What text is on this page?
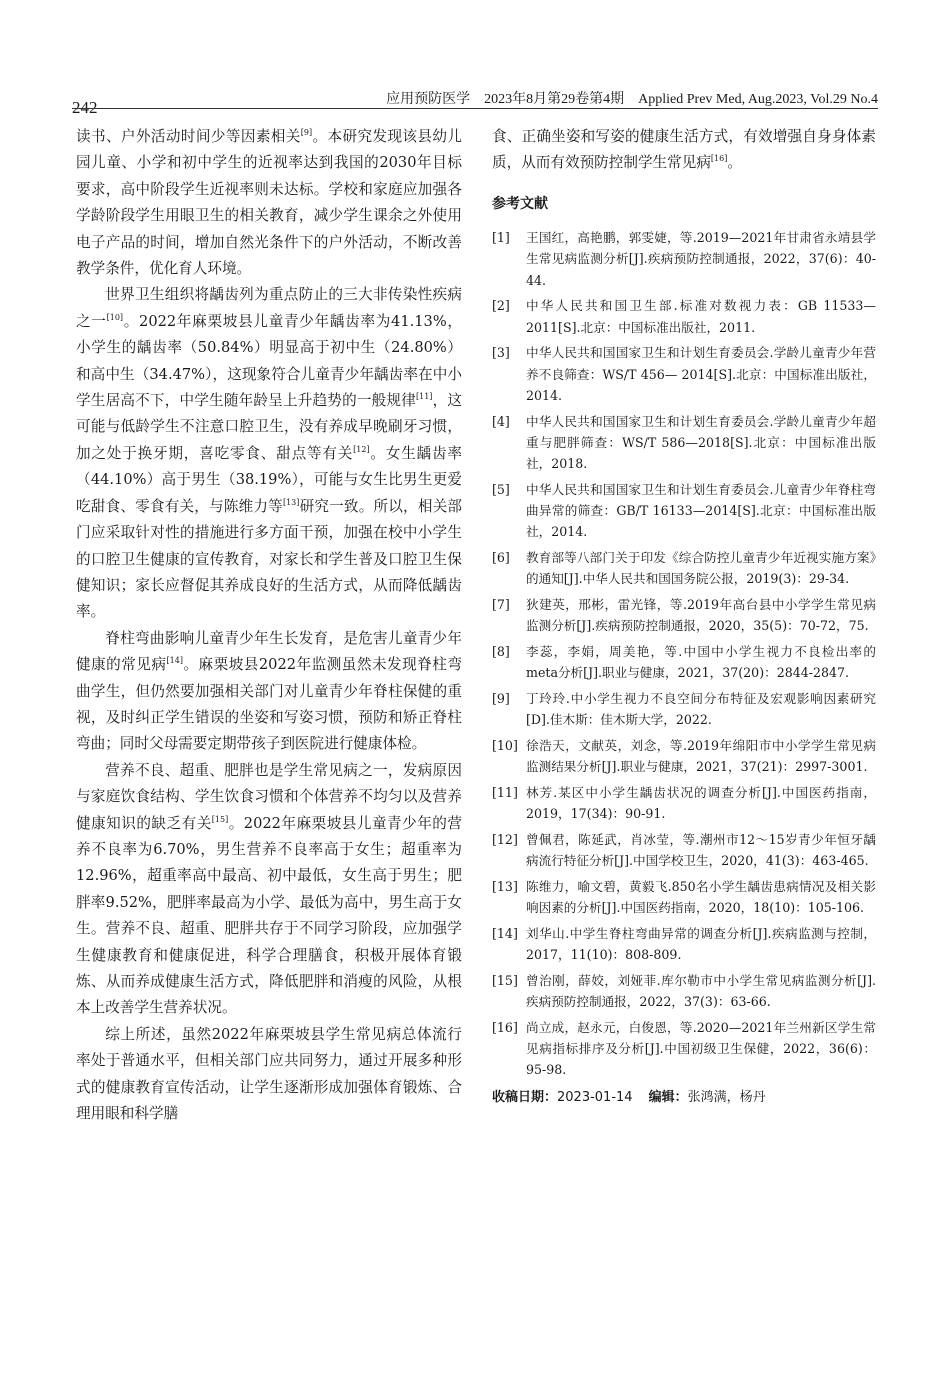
242	应用预防医学　2023年8月第29卷第4期　Applied Prev Med, Aug.2023, Vol.29 No.4

读书、户外活动时间少等因素相关[9]。本研究发现该县幼儿园儿童、小学和初中学生的近视率达到我国的2030年目标要求，高中阶段学生近视率则未达标。学校和家庭应加强各学龄阶段学生用眼卫生的相关教育，减少学生课余之外使用电子产品的时间，增加自然光条件下的户外活动，不断改善教学条件，优化育人环境。

世界卫生组织将龋齿列为重点防止的三大非传染性疾病之一[10]。2022年麻栗坡县儿童青少年龋齿率为41.13%，小学生的龋齿率（50.84%）明显高于初中生（24.80%）和高中生（34.47%），这现象符合儿童青少年龋齿率在中小学生居高不下，中学生随年龄呈上升趋势的一般规律[11]，这可能与低龄学生不注意口腔卫生，没有养成早晚刷牙习惯，加之处于换牙期，喜吃零食、甜点等有关[12]。女生龋齿率（44.10%）高于男生（38.19%），可能与女生比男生更爱吃甜食、零食有关，与陈维力等[13]研究一致。所以，相关部门应采取针对性的措施进行多方面干预，加强在校中小学生的口腔卫生健康的宣传教育，对家长和学生普及口腔卫生保健知识；家长应督促其养成良好的生活方式，从而降低龋齿率。

脊柱弯曲影响儿童青少年生长发育，是危害儿童青少年健康的常见病[14]。麻栗坡县2022年监测虽然未发现脊柱弯曲学生，但仍然要加强相关部门对儿童青少年脊柱保健的重视，及时纠正学生错误的坐姿和写姿习惯，预防和矫正脊柱弯曲；同时父母需要定期带孩子到医院进行健康体检。

营养不良、超重、肥胖也是学生常见病之一，发病原因与家庭饮食结构、学生饮食习惯和个体营养不均匀以及营养健康知识的缺乏有关[15]。2022年麻栗坡县儿童青少年的营养不良率为6.70%，男生营养不良率高于女生；超重率为12.96%，超重率高中最高、初中最低，女生高于男生；肥胖率9.52%，肥胖率最高为小学、最低为高中，男生高于女生。营养不良、超重、肥胖共存于不同学习阶段，应加强学生健康教育和健康促进，科学合理膳食，积极开展体育锻炼、从而养成健康生活方式，降低肥胖和消瘦的风险，从根本上改善学生营养状况。

综上所述，虽然2022年麻栗坡县学生常见病总体流行率处于普通水平，但相关部门应共同努力，通过开展多种形式的健康教育宣传活动，让学生逐渐形成加强体育锻炼、合理用眼和科学膳

食、正确坐姿和写姿的健康生活方式，有效增强自身身体素质，从而有效预防控制学生常见病[16]。

参考文献
[1]	王国红，高艳鹏，郭雯婕，等.2019—2021年甘肃省永靖县学生常见病监测分析[J].疾病预防控制通报，2022，37(6)：40-44.
[2]	中华人民共和国卫生部.标准对数视力表：GB 11533—2011[S].北京：中国标准出版社，2011.
[3]	中华人民共和国国家卫生和计划生育委员会.学龄儿童青少年营养不良筛查：WS/T 456— 2014[S].北京：中国标准出版社，2014.
[4]	中华人民共和国国家卫生和计划生育委员会.学龄儿童青少年超重与肥胖筛查：WS/T 586—2018[S].北京：中国标准出版社，2018.
[5]	中华人民共和国国家卫生和计划生育委员会.儿童青少年脊柱弯曲异常的筛查：GB/T 16133—2014[S].北京：中国标准出版社，2014.
[6]	教育部等八部门关于印发《综合防控儿童青少年近视实施方案》的通知[J].中华人民共和国国务院公报，2019(3)：29-34.
[7]	狄建英，邢彬，雷光锋，等.2019年高台县中小学学生常见病监测分析[J].疾病预防控制通报，2020，35(5)：70-72，75.
[8]	李蕊，李娟，周美艳，等.中国中小学生视力不良检出率的meta分析[J].职业与健康，2021，37(20)：2844-2847.
[9]	丁玲玲.中小学生视力不良空间分布特征及宏观影响因素研究[D].佳木斯：佳木斯大学，2022.
[10] 徐浩天，文献英，刘念，等.2019年绵阳市中小学学生常见病监测结果分析[J].职业与健康，2021，37(21)：2997-3001.
[11] 林芳.某区中小学生龋齿状况的调查分析[J].中国医药指南，2019，17(34)：90-91.
[12] 曾佩君，陈延武，肖冰莹，等.潮州市12～15岁青少年恒牙龋病流行特征分析[J].中国学校卫生，2020，41(3)：463-465.
[13] 陈维力，喻文碧，黄毅飞.850名小学生龋齿患病情况及相关影响因素的分析[J].中国医药指南，2020，18(10)：105-106.
[14] 刘华山.中学生脊柱弯曲异常的调查分析[J].疾病监测与控制，2017，11(10)：808-809.
[15] 曾治刚，薛姣，刘娅菲.库尔勒市中小学生常见病监测分析[J].疾病预防控制通报，2022，37(3)：63-66.
[16] 尚立成，赵永元，白俊恩，等.2020—2021年兰州新区学生常见病指标排序及分析[J].中国初级卫生保健，2022，36(6)：95-98.
收稿日期：2023-01-14 编辑：张鸿满，杨丹
